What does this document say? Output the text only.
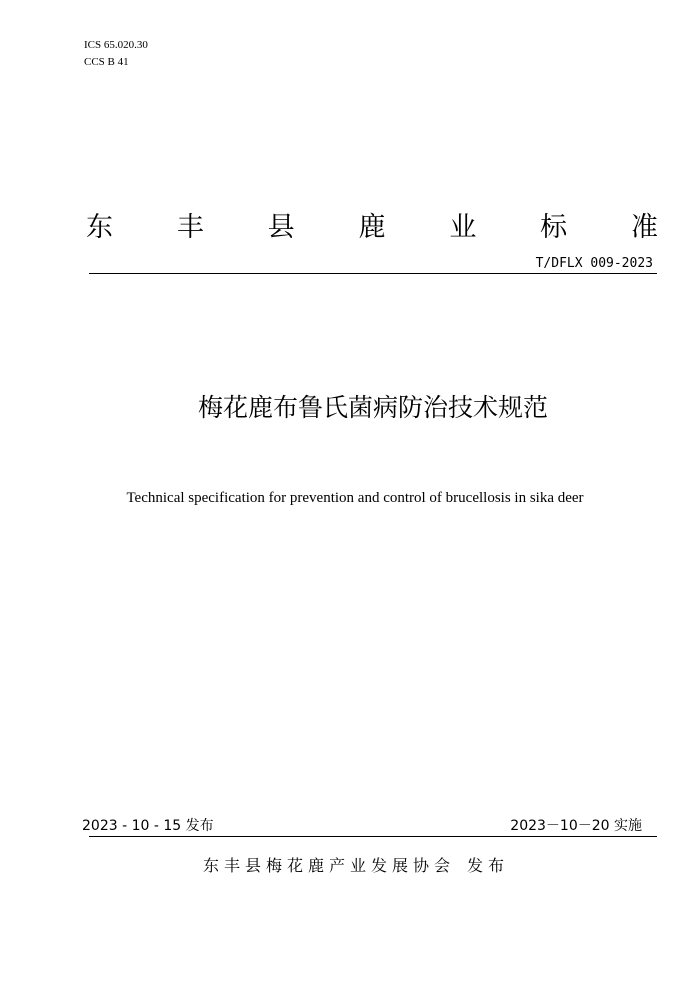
ICS 65.020.30
CCS B 41
东 丰 县 鹿 业 标 准
T/DFLX 009-2023
梅花鹿布鲁氏菌病防治技术规范
Technical specification for prevention and control of brucellosis in sika deer
2023 - 10 - 15 发布	2023－10－20 实施
东丰县梅花鹿产业发展协会 发布
